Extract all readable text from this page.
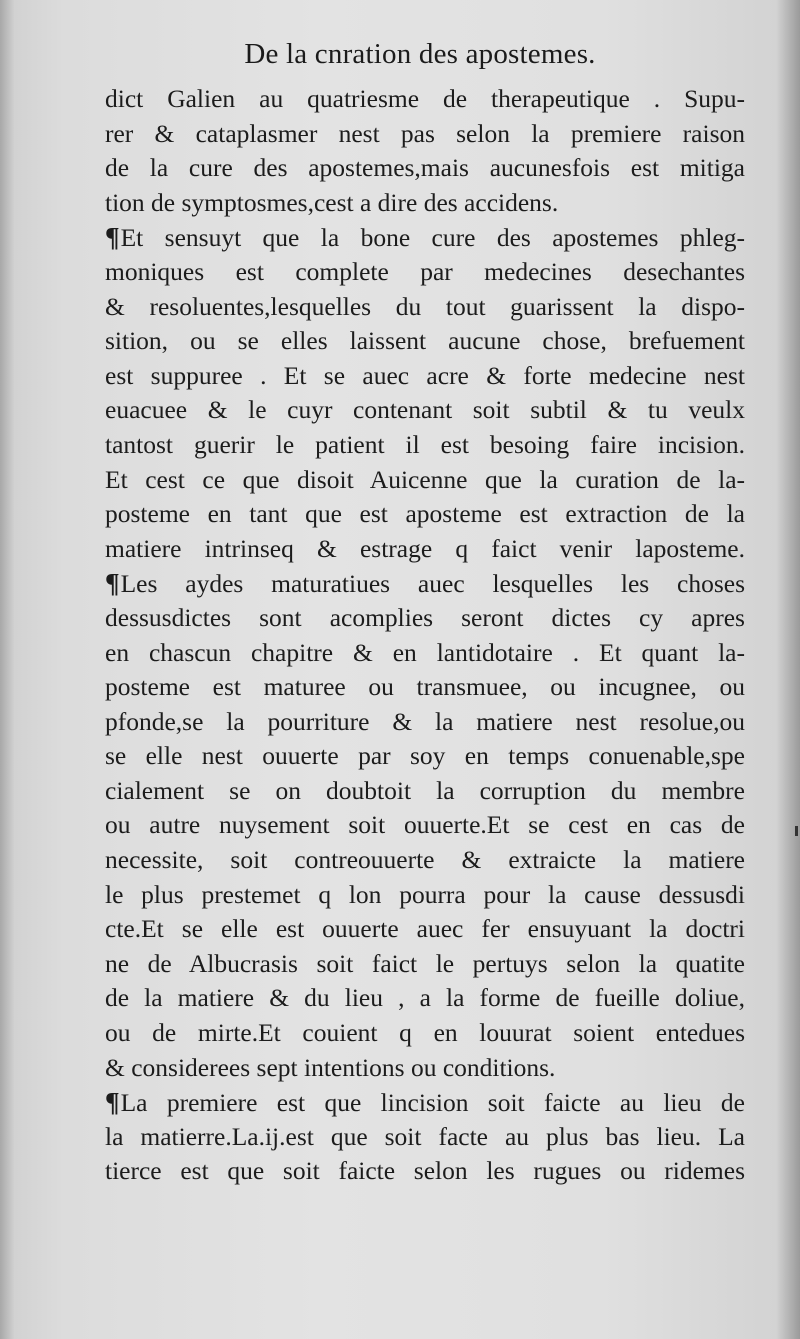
De la cnration des apostemes.
dict Galien au quatriesme de therapeutique . Supu-
rer & cataplasmer nest pas selon la premiere raison
de la cure des apostemes,mais aucunesfois est mitiga
tion de symptosmes,cest a dire des accidens.
¶Et sensuyt que la bone cure des apostemes phleg-
moniques est complete par medecines desechantes
& resoluentes,lesquelles du tout guarissent la dispo-
sition, ou se elles laissent aucune chose, brefuement
est suppuree . Et se auec acre & forte medecine nest
euacuee & le cuyr contenant soit subtil & tu veulx
tantost guerir le patient il est besoing faire incision.
Et cest ce que disoit Auicenne que la curation de la-
posteme en tant que est aposteme est extraction de la
matiere intrinseq & estrage q faict venir laposteme.
¶Les aydes maturatiues auec lesquelles les choses
dessusdictes sont acomplies seront dictes cy apres
en chascun chapitre & en lantidotaire . Et quant la-
posteme est maturee ou transmuee, ou incugnee, ou
pfonde,se la pourriture & la matiere nest resolue,ou
se elle nest ouuerte par soy en temps conuenable,spe
cialement se on doubtoit la corruption du membre
ou autre nuysement soit ouuerte.Et se cest en cas de
necessite, soit contreouuerte & extraicte la matiere
le plus prestemet q lon pourra pour la cause dessusdi
cte.Et se elle est ouuerte auec fer ensuyuant la doctri
ne de Albucrasis soit faict le pertuys selon la quatite
de la matiere & du lieu , a la forme de fueille doliue,
ou de mirte.Et couient q en louurat soient entedues
& considerees sept intentions ou conditions.
¶La premiere est que lincision soit faicte au lieu de
la matierre.La.ij.est que soit facte au plus bas lieu. La
tierce est que soit faicte selon les rugues ou ridemes
